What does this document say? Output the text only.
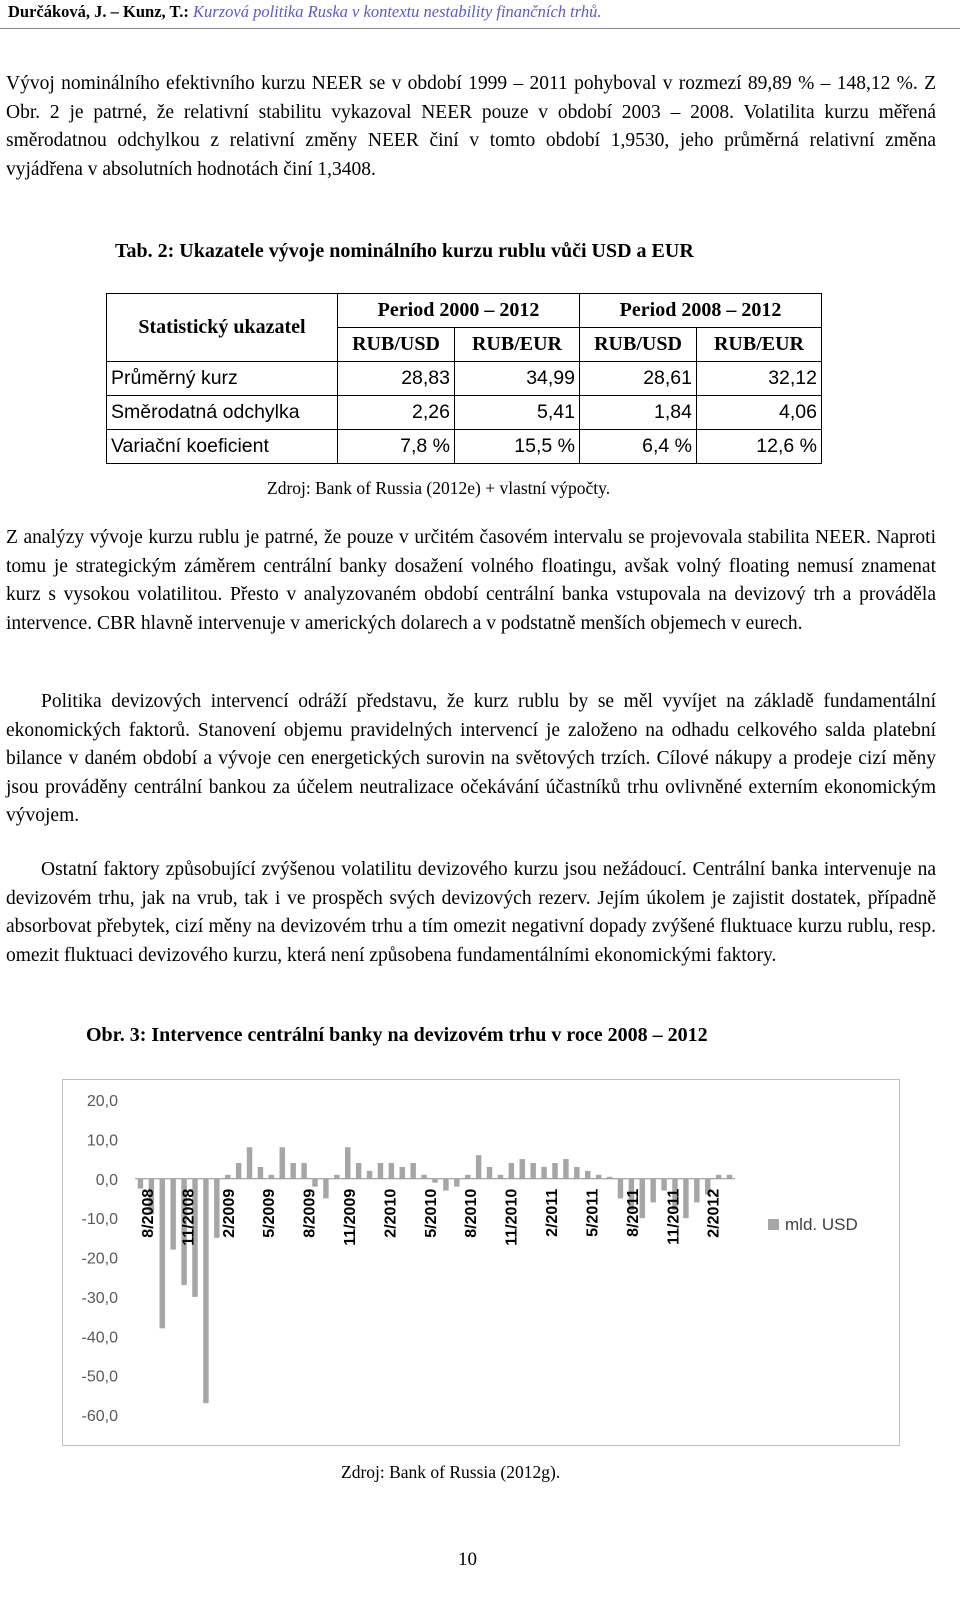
Durčáková, J. – Kunz, T.: Kurzová politika Ruska v kontextu nestability finančních trhů.

Vývoj nominálního efektivního kurzu NEER se v období 1999 – 2011 pohyboval v rozmezí 89,89 % – 148,12 %. Z Obr. 2 je patrné, že relativní stabilitu vykazoval NEER pouze v období 2003 – 2008. Volatilita kurzu měřená směrodatnou odchylkou z relativní změny NEER činí v tomto období 1,9530, jeho průměrná relativní změna vyjádřena v absolutních hodnotách činí 1,3408.

Tab. 2: Ukazatele vývoje nominálního kurzu rublu vůči USD a EUR

Statistický ukazatel	Period 2000 – 2012		Period 2008 – 2012	
	RUB/USD	RUB/EUR	RUB/USD	RUB/EUR
Průměrný kurz	28,83	34,99	28,61	32,12
Směrodatná odchylka	2,26	5,41	1,84	4,06
Variační koeficient	7,8 %	15,5 %	6,4 %	12,6 %

Zdroj: Bank of Russia (2012e) + vlastní výpočty.

Z analýzy vývoje kurzu rublu je patrné, že pouze v určitém časovém intervalu se projevovala stabilita NEER. Naproti tomu je strategickým záměrem centrální banky dosažení volného floatingu, avšak volný floating nemusí znamenat kurz s vysokou volatilitou. Přesto v analyzovaném období centrální banka vstupovala na devizový trh a prováděla intervence. CBR hlavně intervenuje v amerických dolarech a v podstatně menších objemech v eurech.

Politika devizových intervencí odráží představu, že kurz rublu by se měl vyvíjet na základě fundamentální ekonomických faktorů. Stanovení objemu pravidelných intervencí je založeno na odhadu celkového salda platební bilance v daném období a vývoje cen energetických surovin na světových trzích. Cílové nákupy a prodeje cizí měny jsou prováděny centrální bankou za účelem neutralizace očekávání účastníků trhu ovlivněné externím ekonomickým vývojem.

Ostatní faktory způsobující zvýšenou volatilitu devizového kurzu jsou nežádoucí. Centrální banka intervenuje na devizovém trhu, jak na vrub, tak i ve prospěch svých devizových rezerv. Jejím úkolem je zajistit dostatek, případně absorbovat přebytek, cizí měny na devizovém trhu a tím omezit negativní dopady zvýšené fluktuace kurzu rublu, resp. omezit fluktuaci devizového kurzu, která není způsobena fundamentálními ekonomickými faktory.

Obr. 3: Intervence centrální banky na devizovém trhu v roce 2008 – 2012

20,0
10,0
0,0
-10,0
-20,0
-30,0
-40,0
-50,0
-60,0
8/2008 11/2008 2/2009 5/2009 8/2009 11/2009 2/2010 5/2010 8/2010 11/2010 2/2011 5/2011 8/2011 11/2011 2/2012	mld. USD

Zdroj: Bank of Russia (2012g).

10
